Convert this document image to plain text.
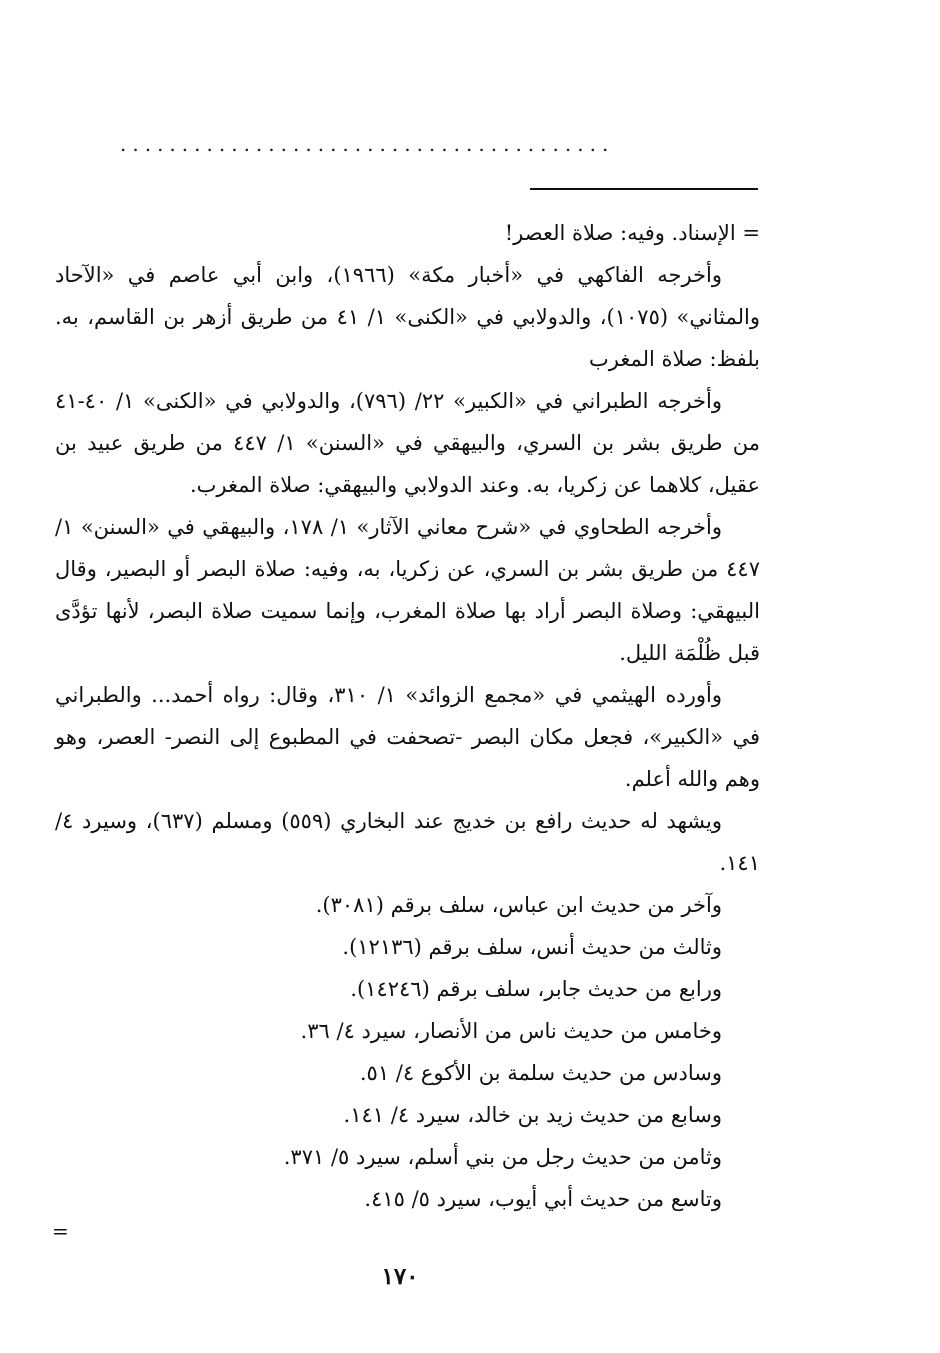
........................................

= الإسناد. وفيه: صلاة العصر!

وأخرجه الفاكهي في «أخبار مكة» (١٩٦٦)، وابن أبي عاصم في «الآحاد والمثاني» (١٠٧٥)، والدولابي في «الكنى» ١/ ٤١ من طريق أزهر بن القاسم، به. بلفظ: صلاة المغرب

وأخرجه الطبراني في «الكبير» ٢٢/ (٧٩٦)، والدولابي في «الكنى» ١/ ٤٠-٤١ من طريق بشر بن السري، والبيهقي في «السنن» ١/ ٤٤٧ من طريق عبيد بن عقيل، كلاهما عن زكريا، به. وعند الدولابي والبيهقي: صلاة المغرب.

وأخرجه الطحاوي في «شرح معاني الآثار» ١/ ١٧٨، والبيهقي في «السنن» ١/ ٤٤٧ من طريق بشر بن السري، عن زكريا، به، وفيه: صلاة البصر أو البصير، وقال البيهقي: وصلاة البصر أراد بها صلاة المغرب، وإنما سميت صلاة البصر، لأنها تؤدَّى قبل ظُلْمَة الليل.

وأورده الهيثمي في «مجمع الزوائد» ١/ ٣١٠، وقال: رواه أحمد... والطبراني في «الكبير»، فجعل مكان البصر -تصحفت في المطبوع إلى النصر- العصر، وهو وهم والله أعلم.

ويشهد له حديث رافع بن خديج عند البخاري (٥٥٩) ومسلم (٦٣٧)، وسيرد ٤/ ١٤١.

وآخر من حديث ابن عباس، سلف برقم (٣٠٨١).
وثالث من حديث أنس، سلف برقم (١٢١٣٦).
ورابع من حديث جابر، سلف برقم (١٤٢٤٦).
وخامس من حديث ناس من الأنصار، سيرد ٤/ ٣٦.
وسادس من حديث سلمة بن الأكوع ٤/ ٥١.
وسابع من حديث زيد بن خالد، سيرد ٤/ ١٤١.
وثامن من حديث رجل من بني أسلم، سيرد ٥/ ٣٧١.
وتاسع من حديث أبي أيوب، سيرد ٥/ ٤١٥.
=
١٧٠
